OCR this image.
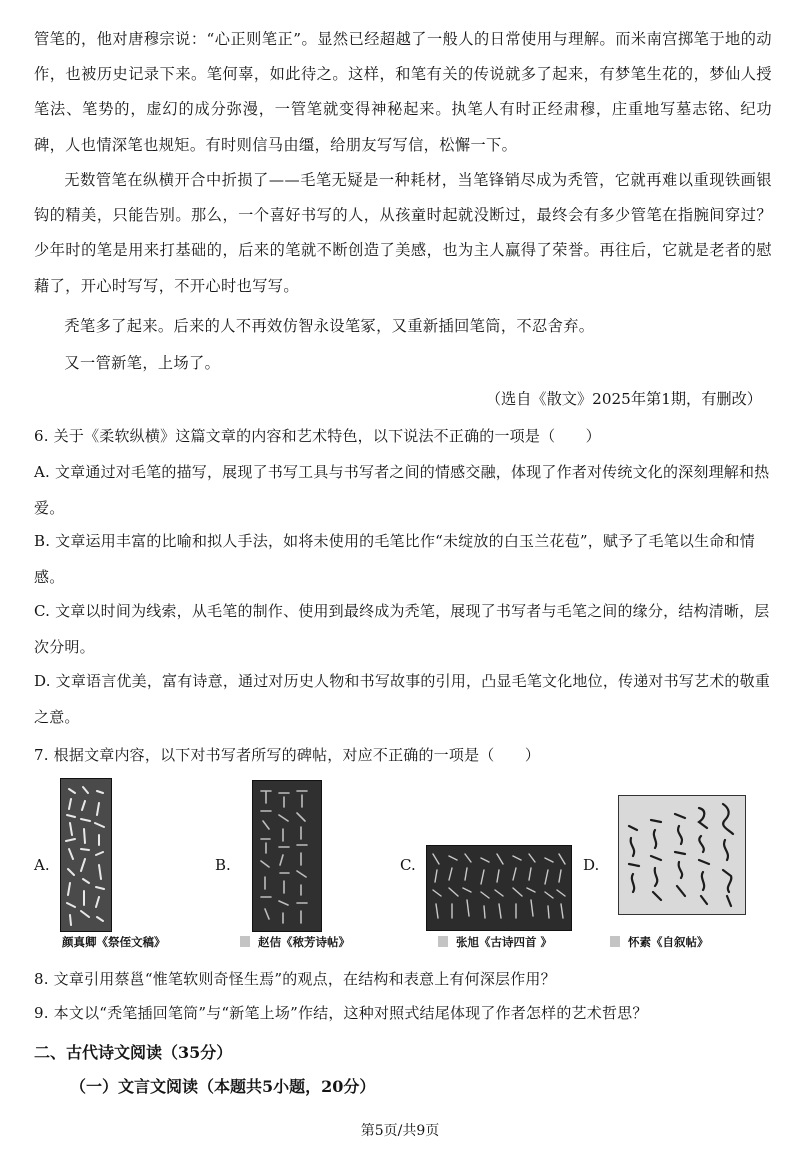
管笔的，他对唐穆宗说：“心正则笔正”。显然已经超越了一般人的日常使用与理解。而米南宫掷笔于地的动作，也被历史记录下来。笔何辜，如此待之。这样，和笔有关的传说就多了起来，有梦笔生花的，梦仙人授笔法、笔势的，虚幻的成分弥漫，一管笔就变得神秘起来。执笔人有时正经肃穆，庄重地写墓志铭、纪功碑，人也情深笔也规矩。有时则信马由缰，给朋友写写信，松懈一下。

无数管笔在纵横开合中折损了——毛笔无疑是一种耗材，当笔锋销尽成为秃管，它就再难以重现铁画银钩的精美，只能告别。那么，一个喜好书写的人，从孩童时起就没断过，最终会有多少管笔在指腕间穿过？少年时的笔是用来打基础的，后来的笔就不断创造了美感，也为主人赢得了荣誉。再往后，它就是老者的慰藉了，开心时写写，不开心时也写写。

秃笔多了起来。后来的人不再效仿智永设笔冢，又重新插回笔筒，不忍舍弃。

又一管新笔，上场了。

（选自《散文》2025年第1期，有删改）

6. 关于《柔软纵横》这篇文章的内容和艺术特色，以下说法不正确的一项是（　　）

A. 文章通过对毛笔的描写，展现了书写工具与书写者之间的情感交融，体现了作者对传统文化的深刻理解和热爱。

B. 文章运用丰富的比喻和拟人手法，如将未使用的毛笔比作“未绽放的白玉兰花苞”，赋予了毛笔以生命和情感。

C. 文章以时间为线索，从毛笔的制作、使用到最终成为秃笔，展现了书写者与毛笔之间的缘分，结构清晰，层次分明。

D. 文章语言优美，富有诗意，通过对历史人物和书写故事的引用，凸显毛笔文化地位，传递对书写艺术的敬重之意。

7. 根据文章内容，以下对书写者所写的碑帖，对应不正确的一项是（　　）

A.
颜真卿《祭侄文稿》
B.
赵佶《秾芳诗帖》
C.
张旭《古诗四首 》
D.
怀素《自叙帖》

8. 文章引用蔡邕“惟笔软则奇怪生焉”的观点，在结构和表意上有何深层作用？

9. 本文以“秃笔插回笔筒”与“新笔上场”作结，这种对照式结尾体现了作者怎样的艺术哲思？

二、古代诗文阅读（35分）

（一）文言文阅读（本题共5小题，20分）

第5页/共9页
